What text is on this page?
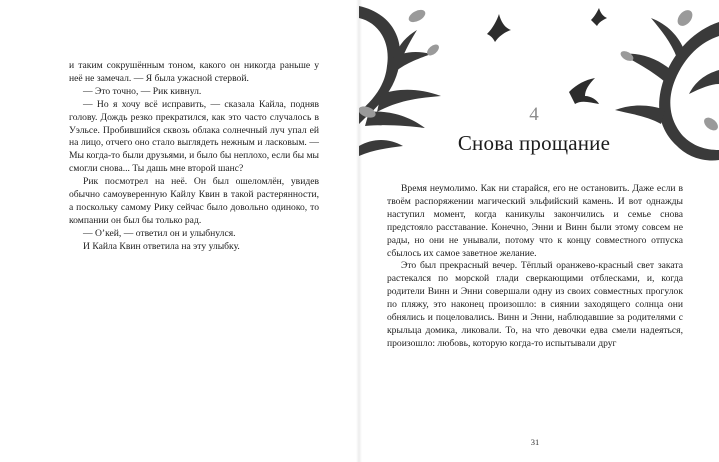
и таким сокрушённым тоном, какого он никогда раньше у неё не замечал. — Я была ужасной стервой.

— Это точно, — Рик кивнул.

— Но я хочу всё исправить, — сказала Кайла, подняв голову. Дождь резко прекратился, как это часто случалось в Уэльсе. Пробившийся сквозь облака солнечный луч упал ей на лицо, отчего оно стало выглядеть нежным и ласковым. — Мы когда-то были друзьями, и было бы неплохо, если бы мы смогли снова... Ты дашь мне второй шанс?

Рик посмотрел на неё. Он был ошеломлён, увидев обычно самоуверенную Кайлу Квин в такой растерянности, а поскольку самому Рику сейчас было довольно одиноко, то компании он был бы только рад.

— О’кей, — ответил он и улыбнулся.

И Кайла Квин ответила на эту улыбку.

4
Снова прощание

Время неумолимо. Как ни старайся, его не остановить. Даже если в твоём распоряжении магический эльфийский камень. И вот однажды наступил момент, когда каникулы закончились и семье снова предстояло расставание. Конечно, Энни и Винн были этому совсем не рады, но они не унывали, потому что к концу совместного отпуска сбылось их самое заветное желание.

Это был прекрасный вечер. Тёплый оранжево-красный свет заката растекался по морской глади сверкающими отблесками, и, когда родители Винн и Энни совершали одну из своих совместных прогулок по пляжу, это наконец произошло: в сиянии заходящего солнца они обнялись и поцеловались. Винн и Энни, наблюдавшие за родителями с крыльца домика, ликовали. То, на что девочки едва смели надеяться, произошло: любовь, которую когда-то испытывали друг

31
